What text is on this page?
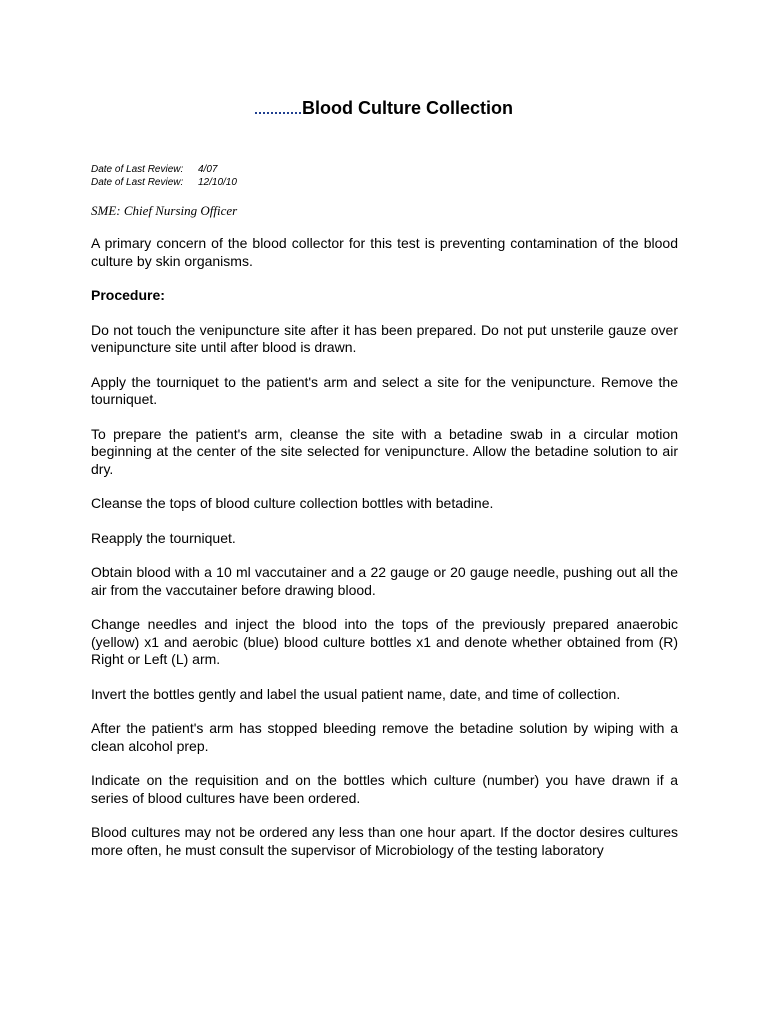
Blood Culture Collection
Date of Last Review: 4/07
Date of Last Review: 12/10/10
SME: Chief Nursing Officer

A primary concern of the blood collector for this test is preventing contamination of the blood culture by skin organisms.

Procedure:

Do not touch the venipuncture site after it has been prepared. Do not put unsterile gauze over venipuncture site until after blood is drawn.

Apply the tourniquet to the patient's arm and select a site for the venipuncture. Remove the tourniquet.

To prepare the patient's arm, cleanse the site with a betadine swab in a circular motion beginning at the center of the site selected for venipuncture. Allow the betadine solution to air dry.

Cleanse the tops of blood culture collection bottles with betadine.

Reapply the tourniquet.

Obtain blood with a 10 ml vaccutainer and a 22 gauge or 20 gauge needle, pushing out all the air from the vaccutainer before drawing blood.

Change needles and inject the blood into the tops of the previously prepared anaerobic (yellow) x1 and aerobic (blue) blood culture bottles x1 and denote whether obtained from (R) Right or Left (L) arm.

Invert the bottles gently and label the usual patient name, date, and time of collection.

After the patient's arm has stopped bleeding remove the betadine solution by wiping with a clean alcohol prep.

Indicate on the requisition and on the bottles which culture (number) you have drawn if a series of blood cultures have been ordered.

Blood cultures may not be ordered any less than one hour apart. If the doctor desires cultures more often, he must consult the supervisor of Microbiology of the testing laboratory
